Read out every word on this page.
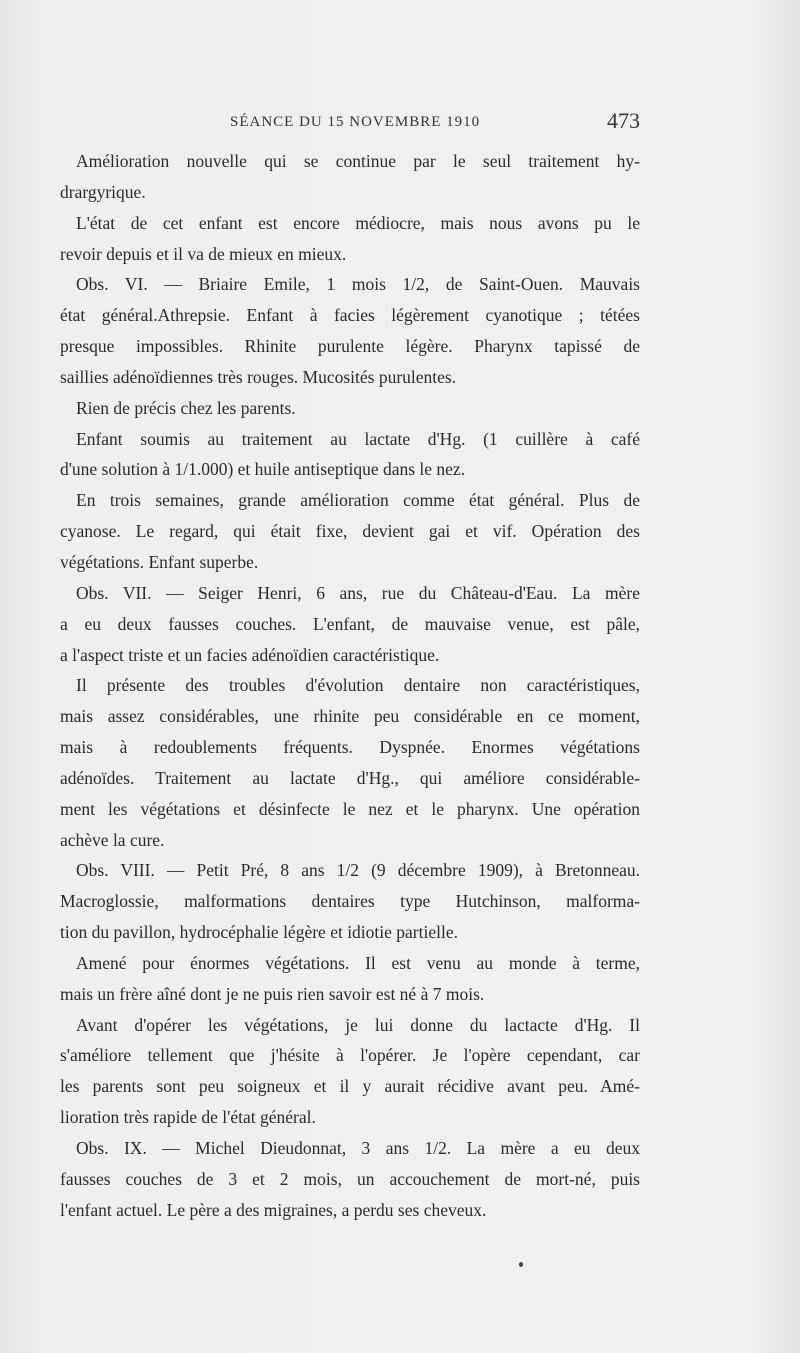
SÉANCE DU 15 NOVEMBRE 1910	473
Amélioration nouvelle qui se continue par le seul traitement hy-
drargyrique.
L'état de cet enfant est encore médiocre, mais nous avons pu le
revoir depuis et il va de mieux en mieux.
Obs. VI. — Briaire Emile, 1 mois 1/2, de Saint-Ouen. Mauvais
état général.Athrepsie. Enfant à facies légèrement cyanotique ; tétées
presque impossibles. Rhinite purulente légère. Pharynx tapissé de
saillies adénoïdiennes très rouges. Mucosités purulentes.
Rien de précis chez les parents.
Enfant soumis au traitement au lactate d'Hg. (1 cuillère à café
d'une solution à 1/1.000) et huile antiseptique dans le nez.
En trois semaines, grande amélioration comme état général. Plus de
cyanose. Le regard, qui était fixe, devient gai et vif. Opération des
végétations. Enfant superbe.
Obs. VII. — Seiger Henri, 6 ans, rue du Château-d'Eau. La mère
a eu deux fausses couches. L'enfant, de mauvaise venue, est pâle,
a l'aspect triste et un facies adénoïdien caractéristique.
Il présente des troubles d'évolution dentaire non caractéristiques,
mais assez considérables, une rhinite peu considérable en ce moment,
mais à redoublements fréquents. Dyspnée. Enormes végétations
adénoïdes. Traitement au lactate d'Hg., qui améliore considérable-
ment les végétations et désinfecte le nez et le pharynx. Une opération
achève la cure.
Obs. VIII. — Petit Pré, 8 ans 1/2 (9 décembre 1909), à Bretonneau.
Macroglossie, malformations dentaires type Hutchinson, malforma-
tion du pavillon, hydrocéphalie légère et idiotie partielle.
Amené pour énormes végétations. Il est venu au monde à terme,
mais un frère aîné dont je ne puis rien savoir est né à 7 mois.
Avant d'opérer les végétations, je lui donne du lactacte d'Hg. Il
s'améliore tellement que j'hésite à l'opérer. Je l'opère cependant, car
les parents sont peu soigneux et il y aurait récidive avant peu. Amé-
lioration très rapide de l'état général.
Obs. IX. — Michel Dieudonnat, 3 ans 1/2. La mère a eu deux
fausses couches de 3 et 2 mois, un accouchement de mort-né, puis
l'enfant actuel. Le père a des migraines, a perdu ses cheveux.
